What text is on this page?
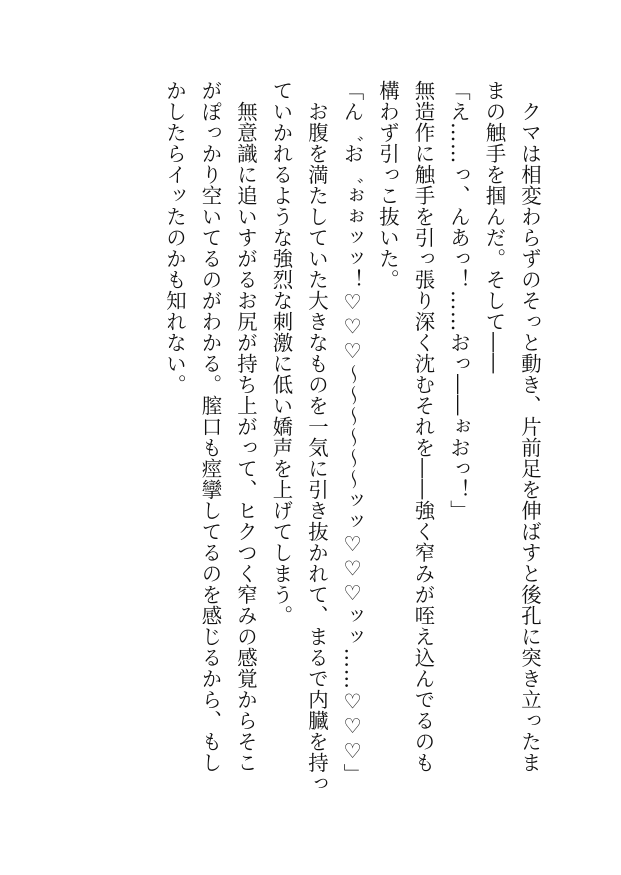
　クマは相変わらずのそっと動き、片前足を伸ばすと後孔に突き立ったま
まの触手を掴んだ。そして――
「え……っ、んあっ！……おっ――ぉおっ！」
無造作に触手を引っ張り深く沈むそれを――強く窄みが咥え込んでるのも
構わず引っこ抜いた。
「ん゛お゛ぉぉッッ！♡♡♡～～～～～～ッッ♡♡♡ッッ……♡♡♡」
　お腹を満たしていた大きなものを一気に引き抜かれて、まるで内臓を持っ
ていかれるような強烈な刺激に低い嬌声を上げてしまう。
　無意識に追いすがるお尻が持ち上がって、ヒクつく窄みの感覚からそこ
がぽっかり空いてるのがわかる。膣口も痙攣してるのを感じるから、もし
かしたらイッたのかも知れない。
